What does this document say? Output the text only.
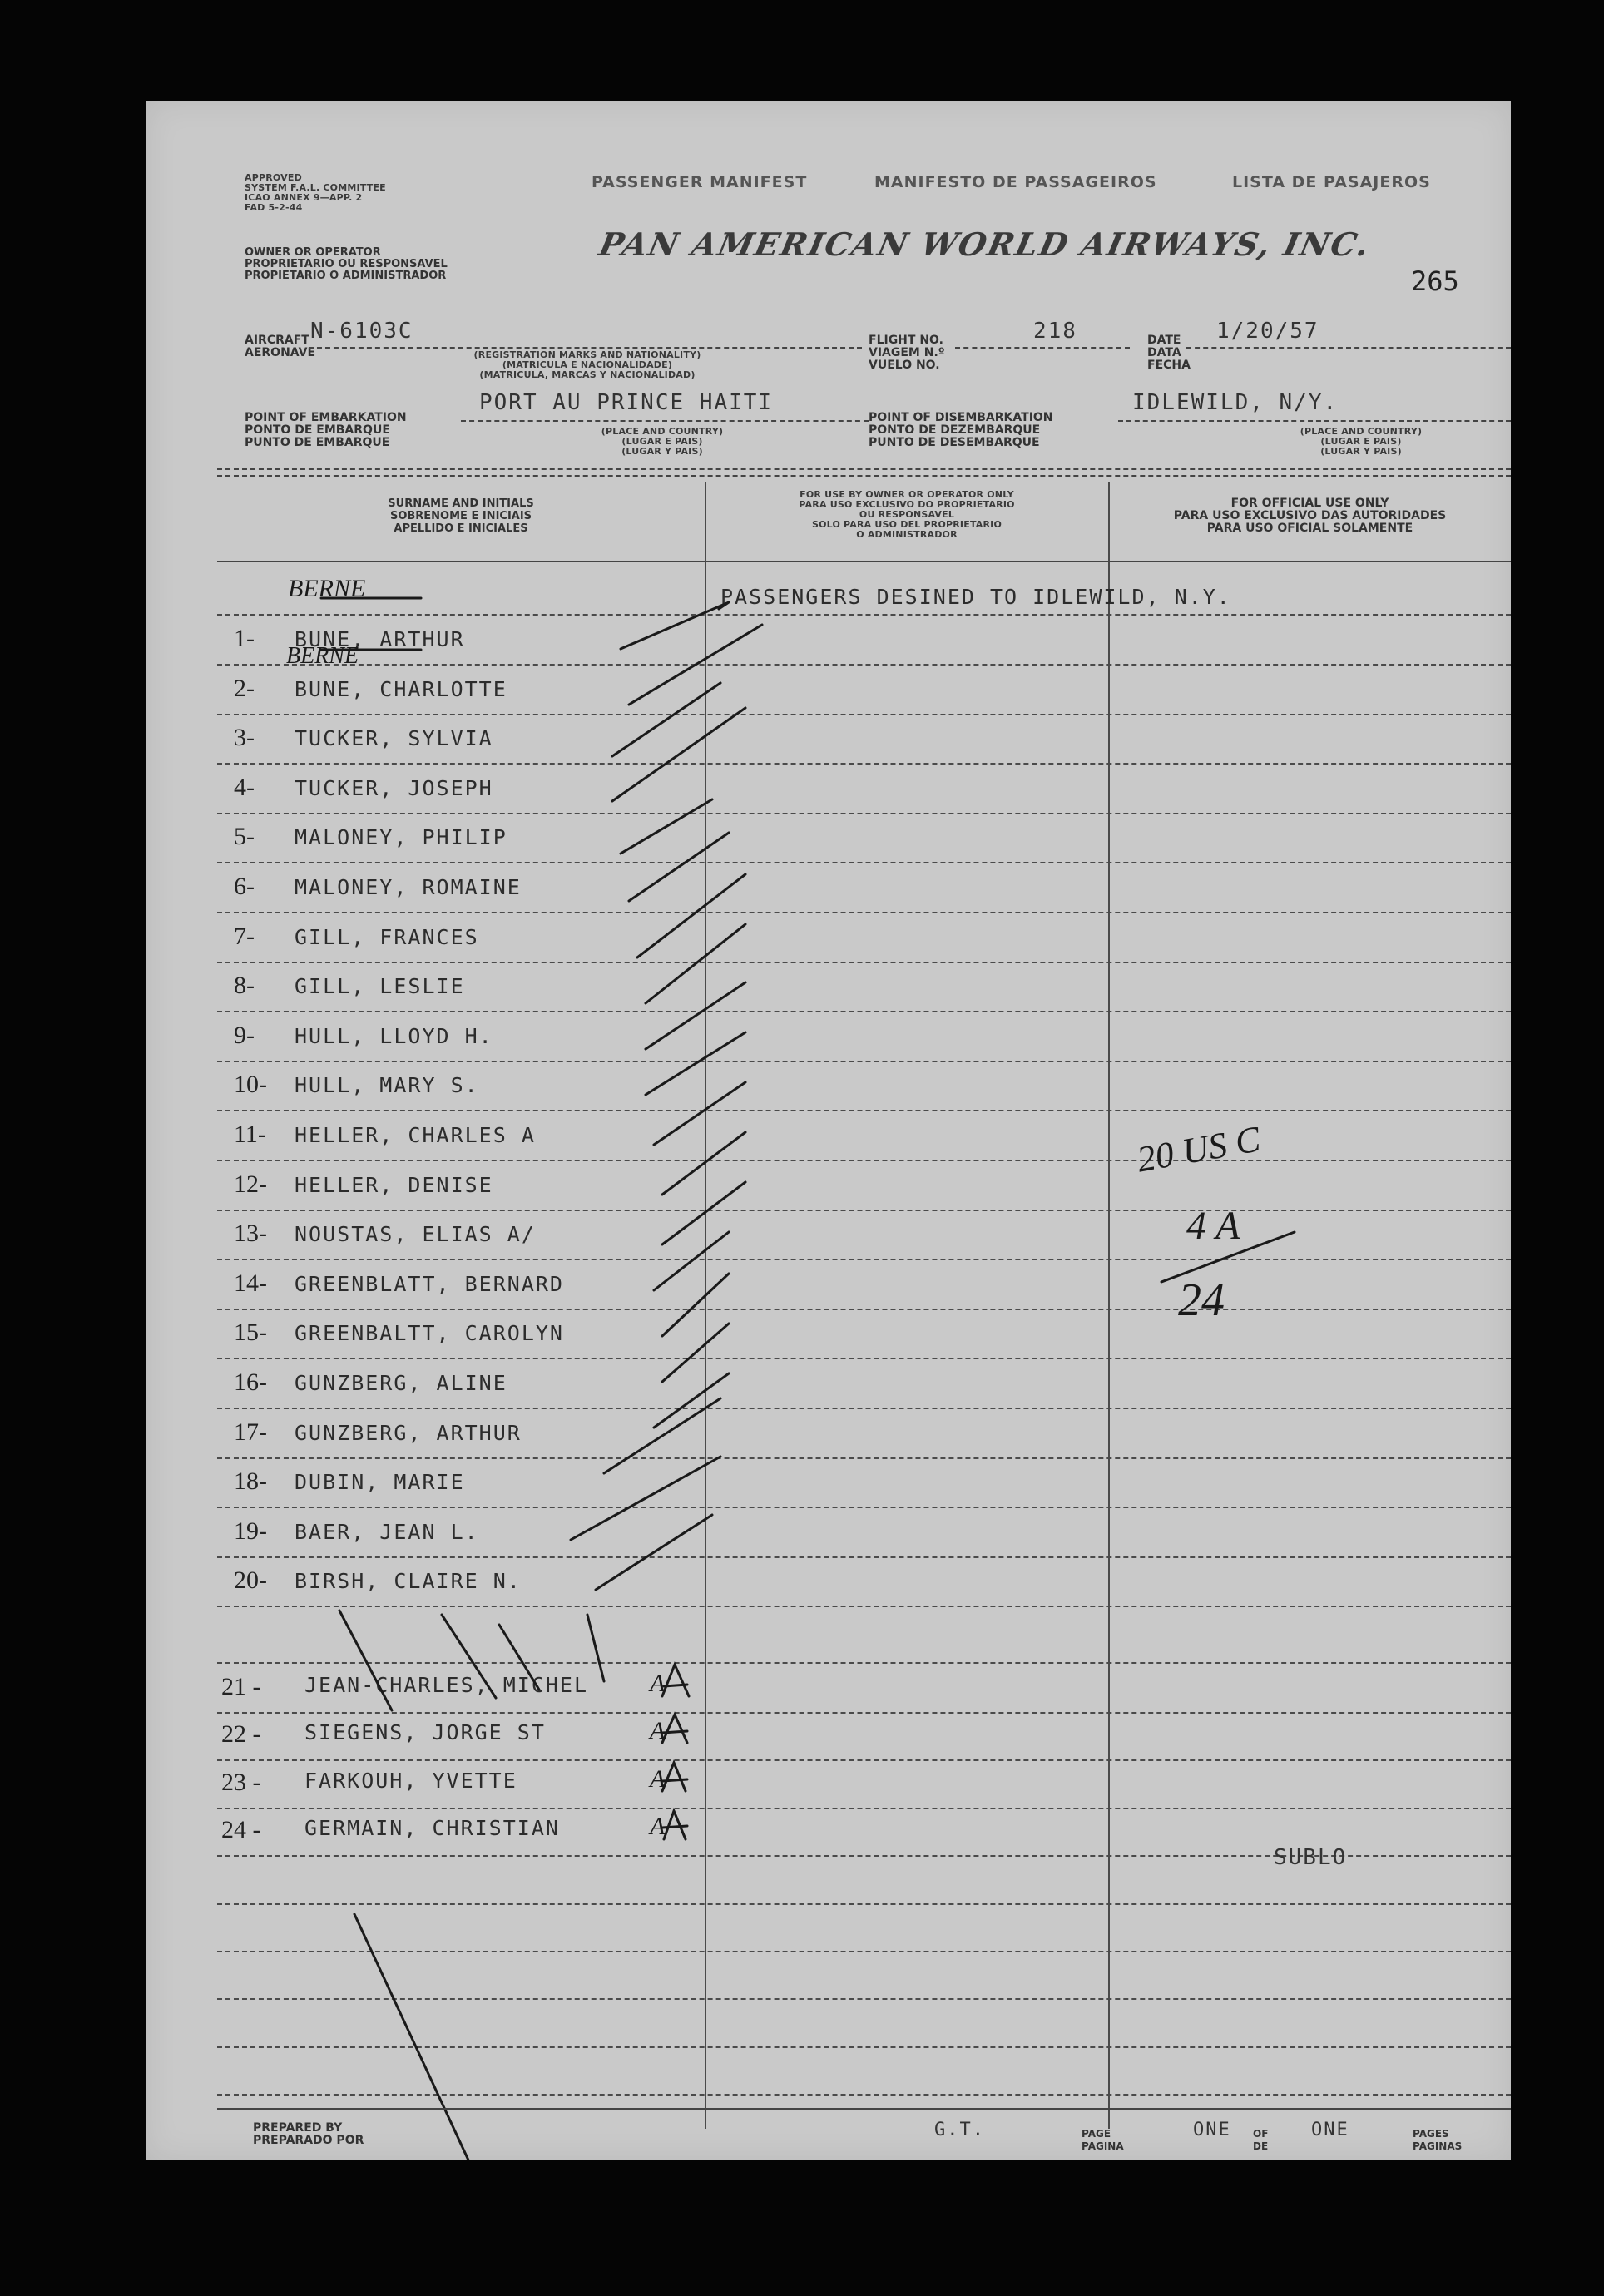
APPROVED
SYSTEM F.A.L. COMMITTEE
ICAO ANNEX 9—APP. 2
FAD 5-2-44
OWNER OR OPERATOR
PROPRIETARIO OU RESPONSAVEL
PROPIETARIO O ADMINISTRADOR
PASSENGER MANIFEST	MANIFESTO DE PASSAGEIROS	LISTA DE PASAJEROS
PAN AMERICAN WORLD AIRWAYS, INC.
265
AIRCRAFT
AERONAVE
N-6103C
(REGISTRATION MARKS AND NATIONALITY)
(MATRICULA E NACIONALIDADE)
(MATRICULA, MARCAS Y NACIONALIDAD)
FLIGHT NO.
VIAGEM N.º
VUELO NO.
218	DATE
DATA
FECHA
1/20/57
PORT AU PRINCE HAITI
POINT OF EMBARKATION
PONTO DE EMBARQUE
PUNTO DE EMBARQUE
(PLACE AND COUNTRY)
(LUGAR E PAIS)
(LUGAR Y PAIS)
IDLEWILD, N/Y.
POINT OF DISEMBARKATION
PONTO DE DEZEMBARQUE
PUNTO DE DESEMBARQUE
(PLACE AND COUNTRY)
(LUGAR E PAIS)
(LUGAR Y PAIS)
SURNAME AND INITIALS
SOBRENOME E INICIAIS
APELLIDO E INICIALES
FOR USE BY OWNER OR OPERATOR ONLY
PARA USO EXCLUSIVO DO PROPRIETARIO
OU RESPONSAVEL
SOLO PARA USO DEL PROPRIETARIO
O ADMINISTRADOR
FOR OFFICIAL USE ONLY
PARA USO EXCLUSIVO DAS AUTORIDADES
PARA USO OFICIAL SOLAMENTE
PASSENGERS DESINED TO IDLEWILD, N.Y.
1- BUNE, ARTHUR
2- BUNE, CHARLOTTE
3- TUCKER, SYLVIA
4- TUCKER, JOSEPH
5- MALONEY, PHILIP
6- MALONEY, ROMAINE
7- GILL, FRANCES
8- GILL, LESLIE
9- HULL, LLOYD H.
10- HULL, MARY S.
11- HELLER, CHARLES A
12- HELLER, DENISE
13- NOUSTAS, ELIAS A/
14- GREENBLATT, BERNARD
15- GREENBALTT, CAROLYN
16- GUNZBERG, ALINE
17- GUNZBERG, ARTHUR
18- DUBIN, MARIE
19- BAER, JEAN L.
20- BIRSH, CLAIRE N.
21 - JEAN-CHARLES, MICHEL A
22 - SIEGENS, JORGE ST	A
23 - FARKOUH, YVETTE	A
24 - GERMAIN, CHRISTIAN	A
BERNE
BERNE
20 US C
4 A
24
SUBLO
PREPARED BY
PREPARADO POR	G.T.	PAGE
PAGINA
ONE OF
DE
ONE	PAGES
PAGINAS
